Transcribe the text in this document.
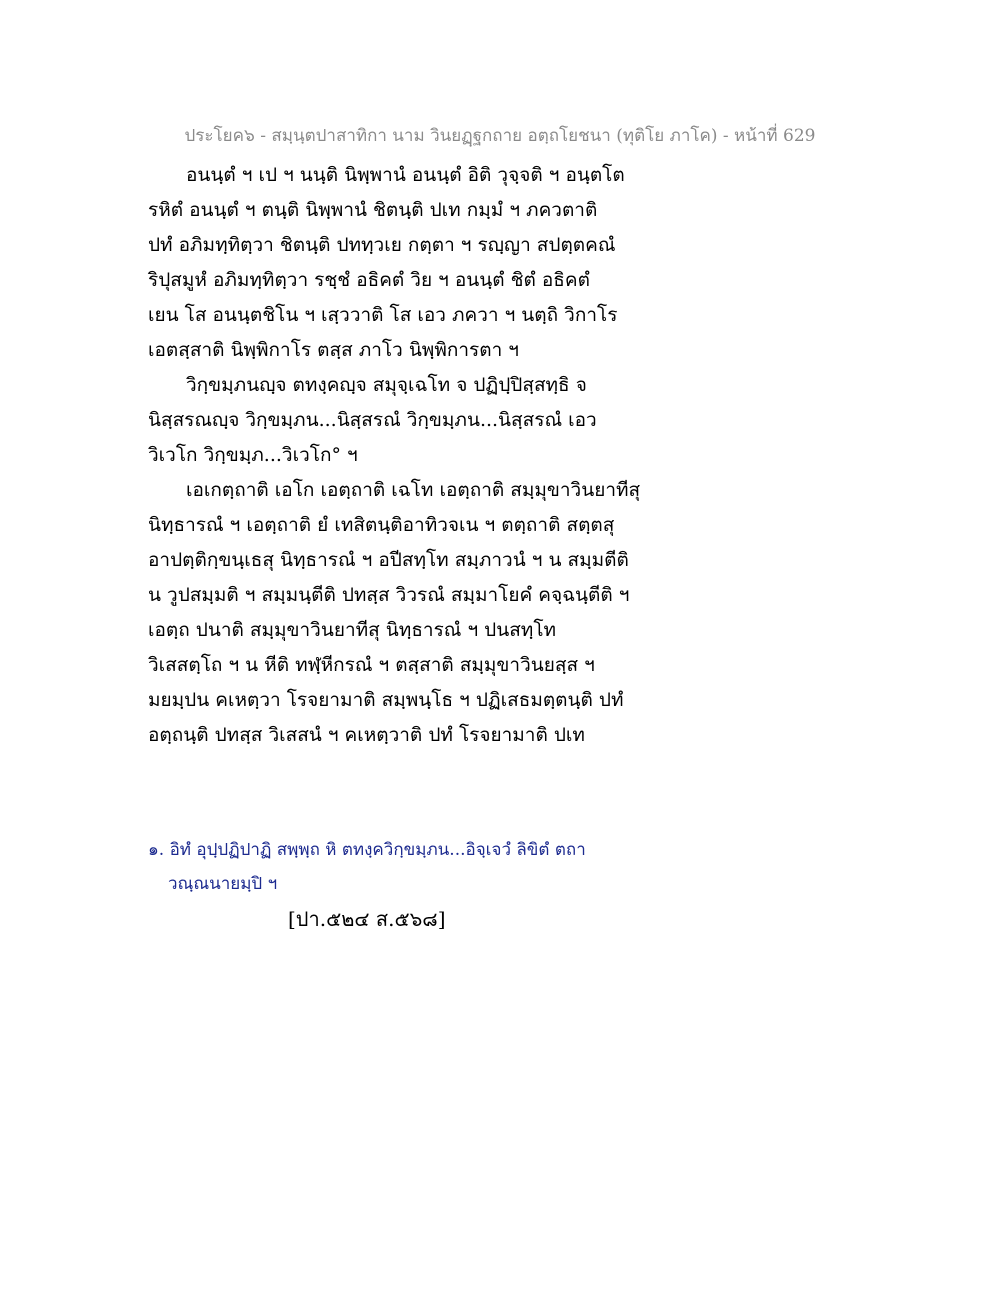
ประโยค๖ - สมฺนฺตปาสาทิกา นาม วินยฏฺฐกถาย อตฺถโยชนา (ทุติโย ภาโค) - หน้าที่ 629
อนนฺตํ ฯ เป ฯ นนฺติ นิพฺพานํ อนนฺตํ อิติ วุจฺจติ ฯ อนฺตโต
รหิตํ อนนฺตํ ฯ ตนฺติ นิพฺพานํ ชิตนฺติ ปเท กมฺมํ ฯ ภควตาติ
ปทํ อภิมทฺทิตฺวา ชิตนฺติ ปททฺวเย กตฺตา ฯ รญฺญา สปตฺตคณํ
ริปุสมูหํ อภิมทฺทิตฺวา รชฺชํ อธิคตํ วิย ฯ อนนฺตํ ชิตํ อธิคตํ
เยน โส อนนฺตชิโน ฯ เสฺววาติ โส เอว ภควา ฯ นตฺถิ วิกาโร
เอตสฺสาติ นิพฺพิกาโร ตสฺส ภาโว นิพฺพิการตา ฯ
วิกฺขมฺภนญฺจ ตทงฺคญฺจ สมุจฺเฉโท จ ปฏิปฺปิสฺสทฺธิ จ
นิสฺสรณญฺจ วิกฺขมฺภน...นิสฺสรณํ วิกฺขมฺภน...นิสฺสรณํ เอว
วิเวโก วิกฺขมฺภ...วิเวโก° ฯ
เอเกตฺถาติ เอโก เอตฺถาติ เฉโท เอตฺถาติ สมฺมุขาวินยาทีสุ
นิทฺธารณํ ฯ เอตฺถาติ ยํ เทสิตนฺติอาทิวจเน ฯ ตตฺถาติ สตฺตสุ
อาปตฺติกฺขนฺเธสุ นิทฺธารณํ ฯ อปีสทฺโท สมฺภาวนํ ฯ น สมฺมตีติ
น วูปสมฺมติ ฯ สมฺมนฺตีติ ปทสฺส วิวรณํ สมฺมาโยคํ คจฺฉนฺตีติ ฯ
เอตฺถ ปนาติ สมฺมุขาวินยาทีสุ นิทฺธารณํ ฯ ปนสทฺโท
วิเสสตฺโถ ฯ น หีติ ทฬฺหีกรณํ ฯ ตสฺสาติ สมฺมุขาวินยสฺส ฯ
มยมฺปน คเหตฺวา โรจยามาติ สมฺพนฺโธ ฯ ปฏิเสธมตฺตนฺติ ปทํ
อตฺถนฺติ ปทสฺส วิเสสนํ ฯ คเหตฺวาติ ปทํ โรจยามาติ ปเท
๑. อิทํ อุปฺปฏิปาฏิ สพฺพฺถ หิ ตทงฺควิกฺขมฺภน...อิจฺเจวํ ลิขิตํ ตถา
วณฺณนายมฺปิ ฯ
[ปา.๕๒๔ ส.๕๖๘]
